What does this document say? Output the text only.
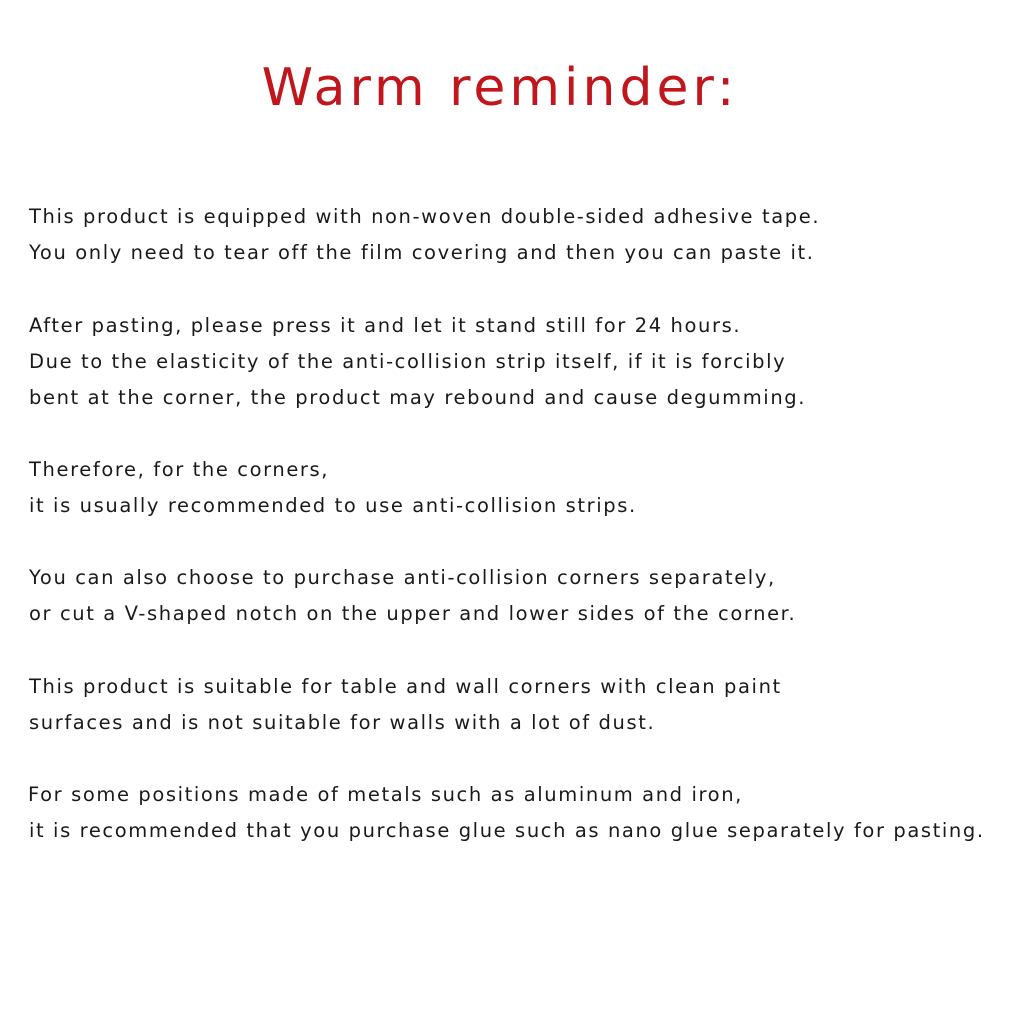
Warm reminder:
This product is equipped with non-woven double-sided adhesive tape.
You only need to tear off the film covering and then you can paste it.
After pasting, please press it and let it stand still for 24 hours.
Due to the elasticity of the anti-collision strip itself, if it is forcibly
bent at the corner, the product may rebound and cause degumming.
Therefore, for the corners,
it is usually recommended to use anti-collision strips.
You can also choose to purchase anti-collision corners separately,
or cut a V-shaped notch on the upper and lower sides of the corner.
This product is suitable for table and wall corners with clean paint
surfaces and is not suitable for walls with a lot of dust.
For some positions made of metals such as aluminum and iron,
it is recommended that you purchase glue such as nano glue separately for pasting.
